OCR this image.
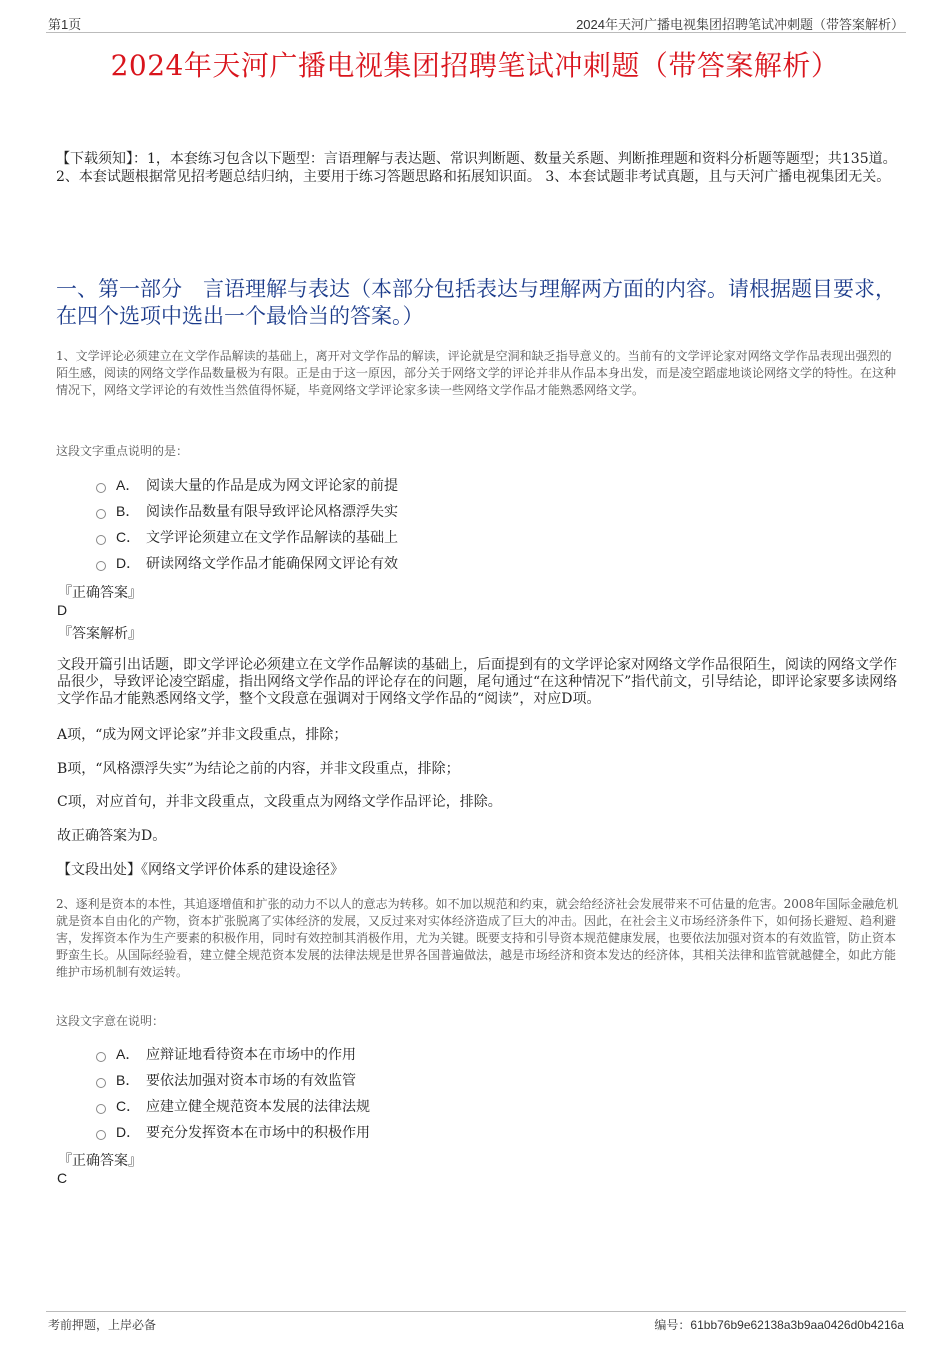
第1页	2024年天河广播电视集团招聘笔试冲刺题（带答案解析）
2024年天河广播电视集团招聘笔试冲刺题（带答案解析）
【下载须知】：1，本套练习包含以下题型：言语理解与表达题、常识判断题、数量关系题、判断推理题和资料分析题等题型；共135道。 2、本套试题根据常见招考题总结归纳，主要用于练习答题思路和拓展知识面。 3、本套试题非考试真题，且与天河广播电视集团无关。
一、第一部分　言语理解与表达（本部分包括表达与理解两方面的内容。请根据题目要求，在四个选项中选出一个最恰当的答案。）
1、文学评论必须建立在文学作品解读的基础上，离开对文学作品的解读，评论就是空洞和缺乏指导意义的。当前有的文学评论家对网络文学作品表现出强烈的陌生感，阅读的网络文学作品数量极为有限。正是由于这一原因，部分关于网络文学的评论并非从作品本身出发，而是凌空蹈虚地谈论网络文学的特性。在这种情况下，网络文学评论的有效性当然值得怀疑，毕竟网络文学评论家多读一些网络文学作品才能熟悉网络文学。
这段文字重点说明的是：
A． 阅读大量的作品是成为网文评论家的前提
B． 阅读作品数量有限导致评论风格漂浮失实
C． 文学评论须建立在文学作品解读的基础上
D． 研读网络文学作品才能确保网文评论有效
『正确答案』
D
『答案解析』
文段开篇引出话题，即文学评论必须建立在文学作品解读的基础上，后面提到有的文学评论家对网络文学作品很陌生，阅读的网络文学作品很少，导致评论凌空蹈虚，指出网络文学作品的评论存在的问题，尾句通过“在这种情况下”指代前文，引导结论，即评论家要多读网络文学作品才能熟悉网络文学，整个文段意在强调对于网络文学作品的“阅读”，对应D项。
A项，“成为网文评论家”并非文段重点，排除；
B项，“风格漂浮失实”为结论之前的内容，并非文段重点，排除；
C项，对应首句，并非文段重点，文段重点为网络文学作品评论，排除。
故正确答案为D。
【文段出处】《网络文学评价体系的建设途径》
2、逐利是资本的本性，其追逐增值和扩张的动力不以人的意志为转移。如不加以规范和约束，就会给经济社会发展带来不可估量的危害。2008年国际金融危机就是资本自由化的产物，资本扩张脱离了实体经济的发展，又反过来对实体经济造成了巨大的冲击。因此，在社会主义市场经济条件下，如何扬长避短、趋利避害，发挥资本作为生产要素的积极作用，同时有效控制其消极作用，尤为关键。既要支持和引导资本规范健康发展，也要依法加强对资本的有效监管，防止资本野蛮生长。从国际经验看，建立健全规范资本发展的法律法规是世界各国普遍做法，越是市场经济和资本发达的经济体，其相关法律和监管就越健全，如此方能维护市场机制有效运转。
这段文字意在说明：
A． 应辩证地看待资本在市场中的作用
B． 要依法加强对资本市场的有效监管
C． 应建立健全规范资本发展的法律法规
D． 要充分发挥资本在市场中的积极作用
『正确答案』
C
考前押题，上岸必备	编号：61bb76b9e62138a3b9aa0426d0b4216a
